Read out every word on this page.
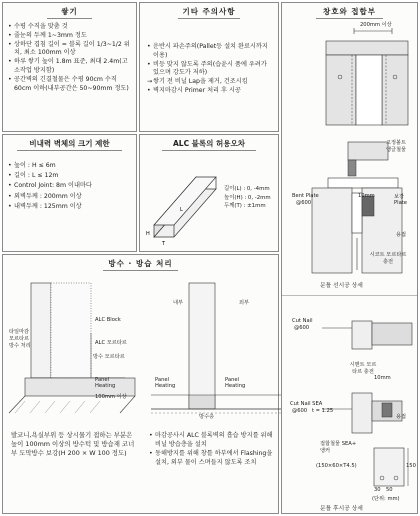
쌓기
• 수평 수직을 맞춤 것
• 줄눈의 두께 1~3mm 정도
• 상하단 겹침 길이 = 블록 길이 1/3~1/2 위치, 최소 100mm 이상
• 하루 쌓기 높이 1.8m 표준, 최대 2.4m(고소작업 방지함)
• 공간벽의 긴결철물은 수평 90cm 수직 60cm 이하(내부공간은 50~90mm 정도)
기타 주의사항
• 운반시 파손주의(Pallet등 설치 완료시까지 이용)
• 비등 맞지 않도록 주의(습윤시 품에 우려가 있으며 강도가 저하)
→ 쌓기 전 비닐 Lap을 제거, 건조시킴
• 벽지마감시 Primer 처리 후 시공
창호와 접합부
200mm 이상
고정볼트
앵글철물
Bent Plate
@600
10mm	보강 Plate
용접
시코트 모르타르 충전
문틀 선시공 상세
Cut Nail
@600
시멘트 모르타르 충전
10mm
Cut Nail SEA
@600 t = 1.25
용접
접합철물 SEA+ 앵커
(150×60×T4.5)	150
30 50
(단위: mm)
문틀 후시공 상세
비내력 벽체의 크기 제한
• 높이 : H ≤ 6m
• 길이 : L ≤ 12m
• Control Joint: 8m 이내마다
• 외벽두께 : 200mm 이상
• 내벽두께 : 125mm 이상
ALC 블록의 허용오차
L
H
T
길이(L) : 0, -4mm
높이(H) : 0, -2mm
두께(T) : ±1mm
방수 · 방습 처리
ALC Block
ALC 모르타르
방수 모르타르
타일마감 모르타르 방수 처리
Panel Heating
100mm 이상
내부	외부
Panel Heating
Panel Heating
방수층
발코니,욕실부위 등 상시물기 접하는 부분은 높이 100mm 이상의 방수턱 및 방습재 코너부 도막방수 보강(H 200 × W 100 정도)
• 마감공사시 ALC 블록벽의 흡습 방지를 위해 비닐 방습층을 설치
• 동해방지를 위해 창틀 하부에서 Flashing을 설치, 외부 물이 스며들지 않도록 조치
